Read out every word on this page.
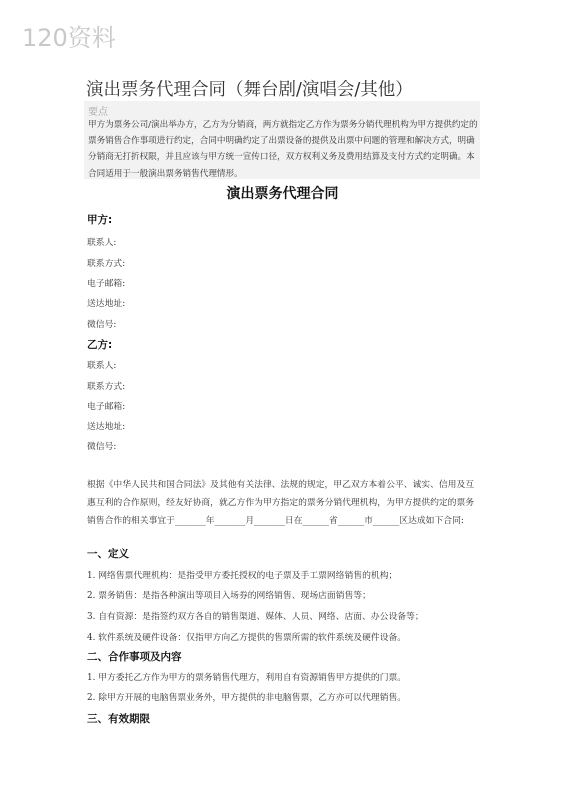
120资料
演出票务代理合同（舞台剧/演唱会/其他）
要点
甲方为票务公司/演出举办方，乙方为分销商，两方就指定乙方作为票务分销代理机构为甲方提供约定的票务销售合作事项进行约定，合同中明确约定了出票设备的提供及出票中问题的管理和解决方式，明确分销商无打折权限，并且应该与甲方统一宣传口径，双方权利义务及费用结算及支付方式约定明确。本合同适用于一般演出票务销售代理情形。
演出票务代理合同
甲方:
联系人:
联系方式:
电子邮箱:
送达地址:
微信号:
乙方:
联系人:
联系方式:
电子邮箱:
送达地址:
微信号:
根据《中华人民共和国合同法》及其他有关法律、法规的规定，甲乙双方本着公平、诚实、信用及互惠互利的合作原则，经友好协商，就乙方作为甲方指定的票务分销代理机构，为甲方提供约定的票务销售合作的相关事宜于_______年_______月_______日在______省______市______区达成如下合同:
一、定义
1. 网络售票代理机构：是指受甲方委托授权的电子票及手工票网络销售的机构；
2. 票务销售：是指各种演出等项目入场券的网络销售、现场店面销售等；
3. 自有资源：是指签约双方各自的销售渠道、媒体、人员、网络、店面、办公设备等；
4. 软件系统及硬件设备：仅指甲方向乙方提供的售票所需的软件系统及硬件设备。
二、合作事项及内容
1. 甲方委托乙方作为甲方的票务销售代理方，利用自有资源销售甲方提供的门票。
2. 除甲方开展的电脑售票业务外，甲方提供的非电脑售票，乙方亦可以代理销售。
三、有效期限
